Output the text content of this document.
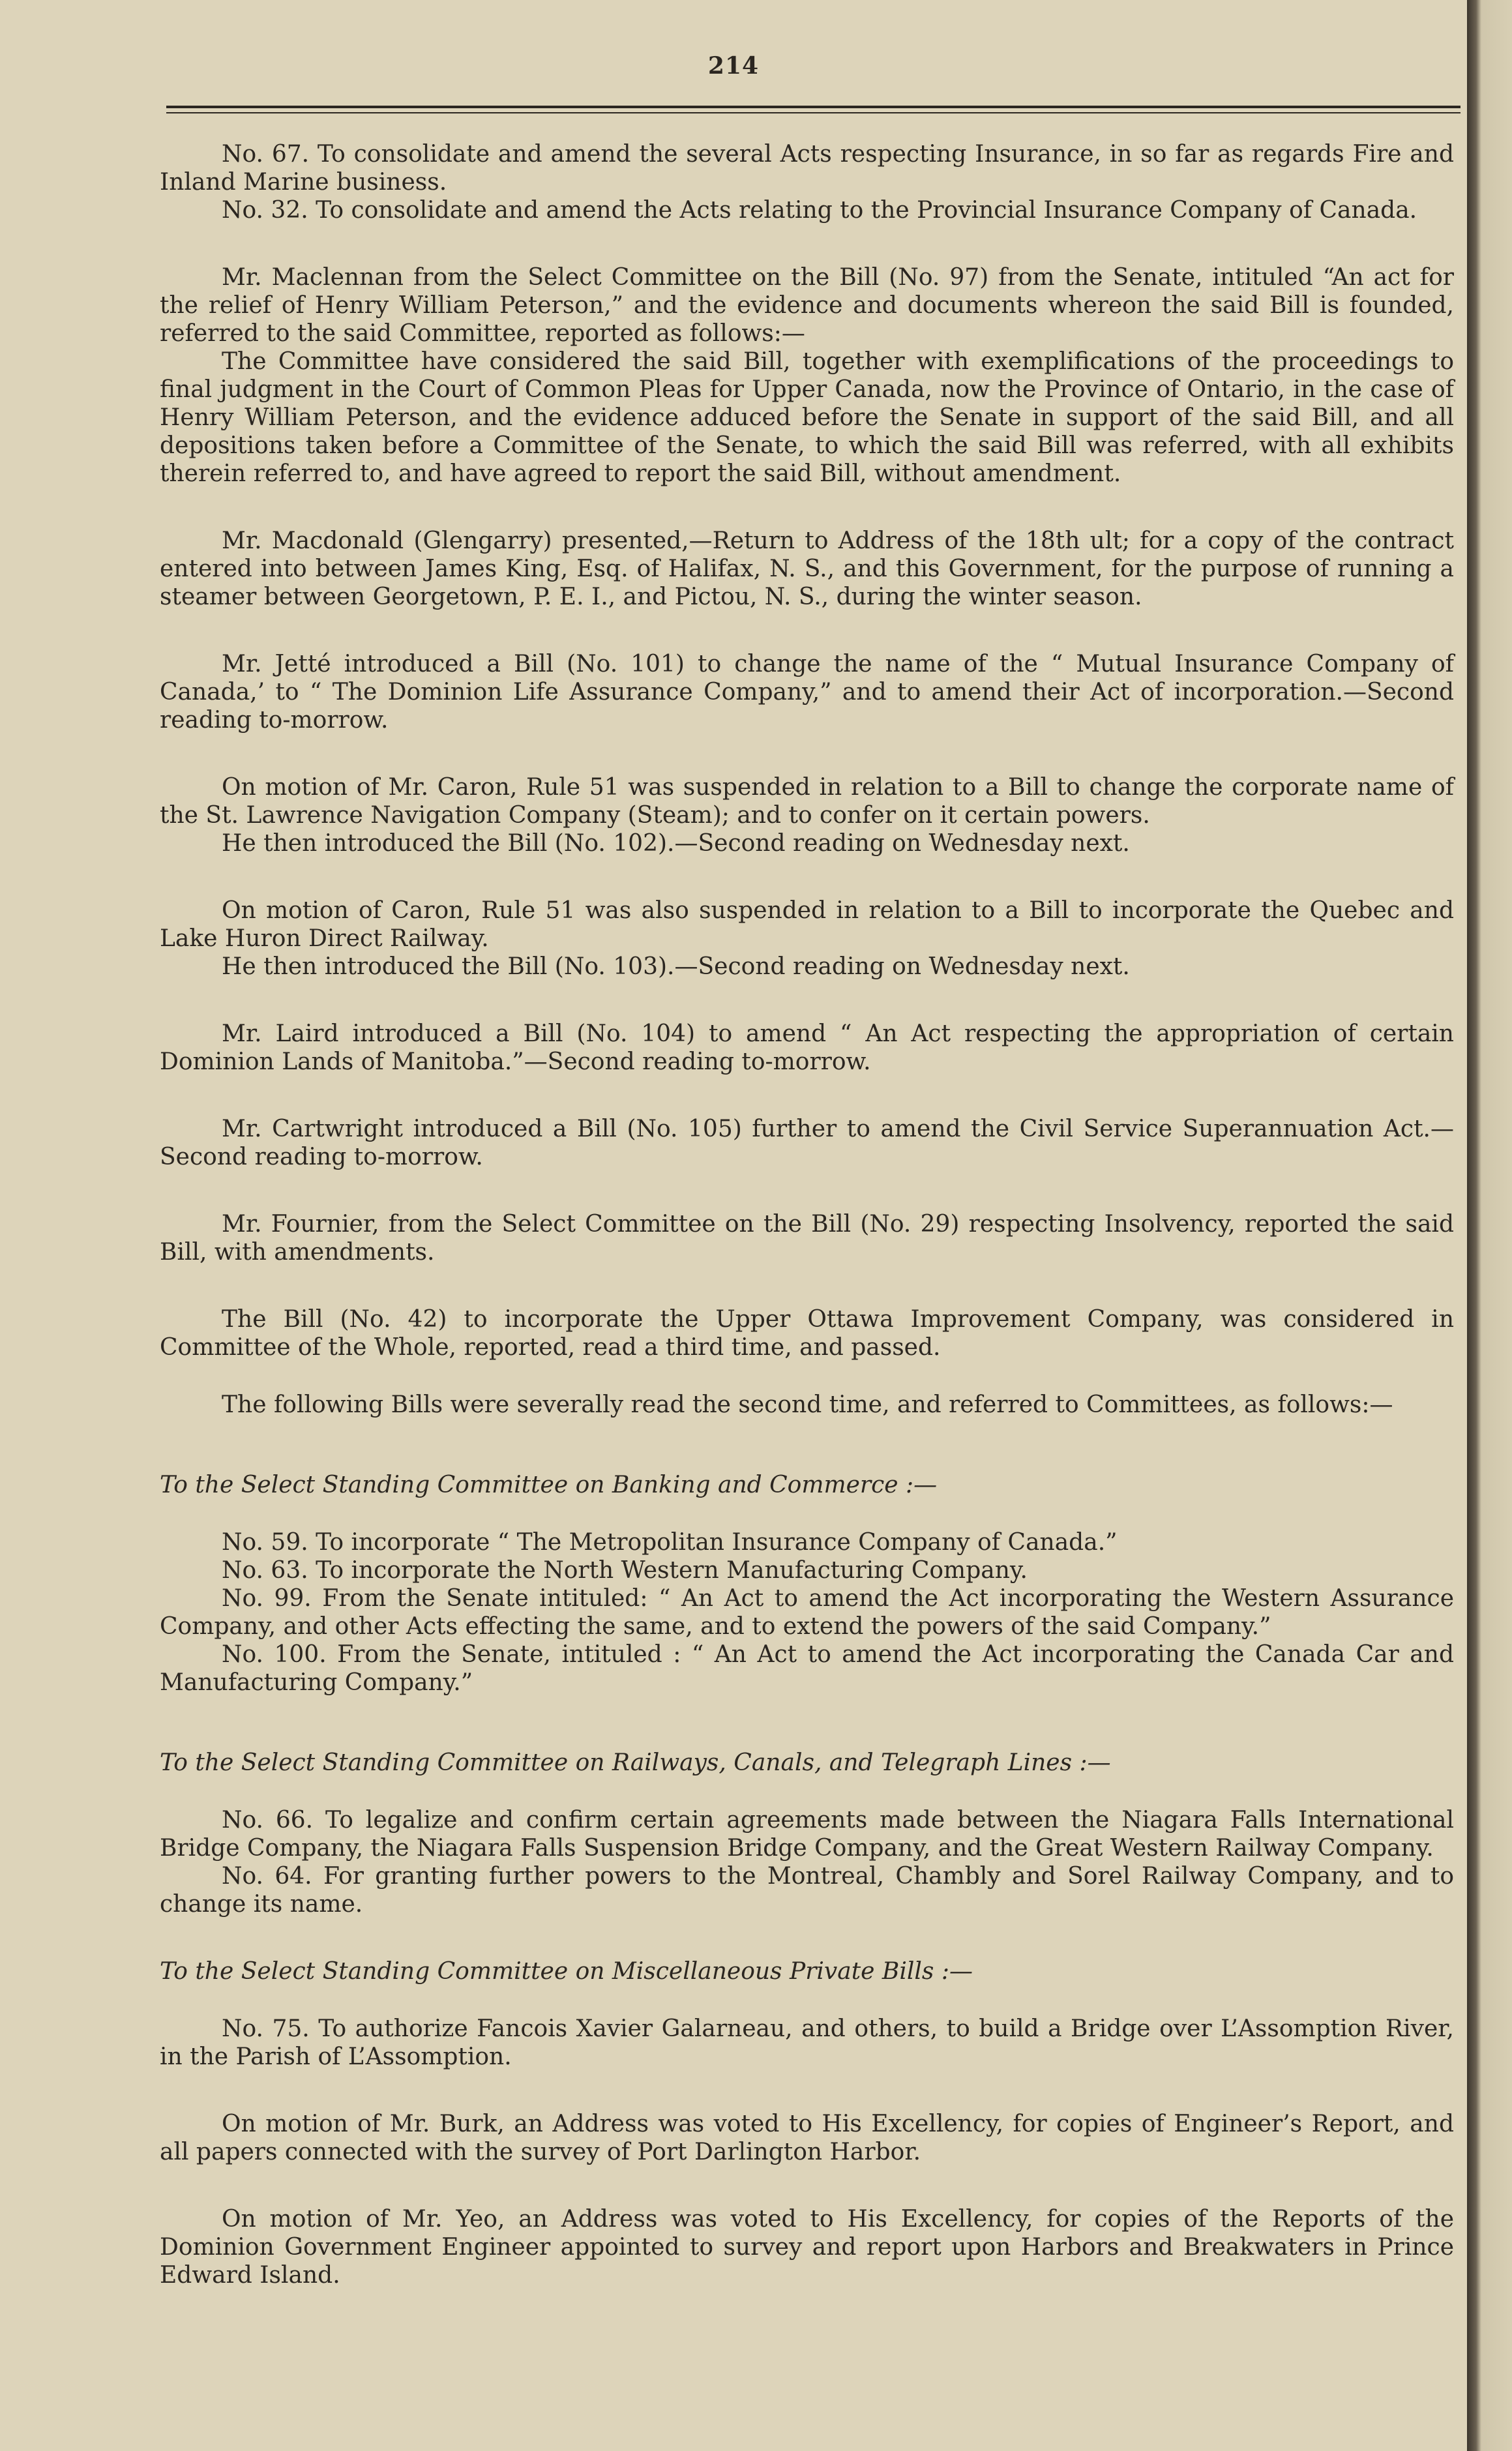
214

No. 67. To consolidate and amend the several Acts respecting Insurance, in so far as regards Fire and Inland Marine business.

No. 32. To consolidate and amend the Acts relating to the Provincial Insurance Company of Canada.

Mr. Maclennan from the Select Committee on the Bill (No. 97) from the Senate, intituled “An act for the relief of Henry William Peterson,” and the evidence and documents whereon the said Bill is founded, referred to the said Committee, reported as follows:—

The Committee have considered the said Bill, together with exemplifications of the proceedings to final judgment in the Court of Common Pleas for Upper Canada, now the Province of Ontario, in the case of Henry William Peterson, and the evidence adduced before the Senate in support of the said Bill, and all depositions taken before a Committee of the Senate, to which the said Bill was referred, with all exhibits therein referred to, and have agreed to report the said Bill, without amendment.

Mr. Macdonald (Glengarry) presented,—Return to Address of the 18th ult; for a copy of the contract entered into between James King, Esq. of Halifax, N. S., and this Government, for the purpose of running a steamer between Georgetown, P. E. I., and Pictou, N. S., during the winter season.

Mr. Jetté introduced a Bill (No. 101) to change the name of the “ Mutual Insurance Company of Canada,’ to “ The Dominion Life Assurance Company,” and to amend their Act of incorporation.—Second reading to-morrow.

On motion of Mr. Caron, Rule 51 was suspended in relation to a Bill to change the corporate name of the St. Lawrence Navigation Company (Steam); and to confer on it certain powers.

He then introduced the Bill (No. 102).—Second reading on Wednesday next.

On motion of Caron, Rule 51 was also suspended in relation to a Bill to incorporate the Quebec and Lake Huron Direct Railway.

He then introduced the Bill (No. 103).—Second reading on Wednesday next.

Mr. Laird introduced a Bill (No. 104) to amend “ An Act respecting the appropriation of certain Dominion Lands of Manitoba.”—Second reading to-morrow.

Mr. Cartwright introduced a Bill (No. 105) further to amend the Civil Service Superannuation Act.—Second reading to-morrow.

Mr. Fournier, from the Select Committee on the Bill (No. 29) respecting Insolvency, reported the said Bill, with amendments.

The Bill (No. 42) to incorporate the Upper Ottawa Improvement Company, was considered in Committee of the Whole, reported, read a third time, and passed.

The following Bills were severally read the second time, and referred to Committees, as follows:—

To the Select Standing Committee on Banking and Commerce :—

No. 59. To incorporate “ The Metropolitan Insurance Company of Canada.”

No. 63. To incorporate the North Western Manufacturing Company.

No. 99. From the Senate intituled: “ An Act to amend the Act incorporating the Western Assurance Company, and other Acts effecting the same, and to extend the powers of the said Company.”

No. 100. From the Senate, intituled : “ An Act to amend the Act incorporating the Canada Car and Manufacturing Company.”

To the Select Standing Committee on Railways, Canals, and Telegraph Lines :—

No. 66. To legalize and confirm certain agreements made between the Niagara Falls International Bridge Company, the Niagara Falls Suspension Bridge Company, and the Great Western Railway Company.

No. 64. For granting further powers to the Montreal, Chambly and Sorel Railway Company, and to change its name.

To the Select Standing Committee on Miscellaneous Private Bills :—

No. 75. To authorize Fancois Xavier Galarneau, and others, to build a Bridge over L’Assomption River, in the Parish of L’Assomption.

On motion of Mr. Burk, an Address was voted to His Excellency, for copies of Engineer’s Report, and all papers connected with the survey of Port Darlington Harbor.

On motion of Mr. Yeo, an Address was voted to His Excellency, for copies of the Reports of the Dominion Government Engineer appointed to survey and report upon Harbors and Breakwaters in Prince Edward Island.
